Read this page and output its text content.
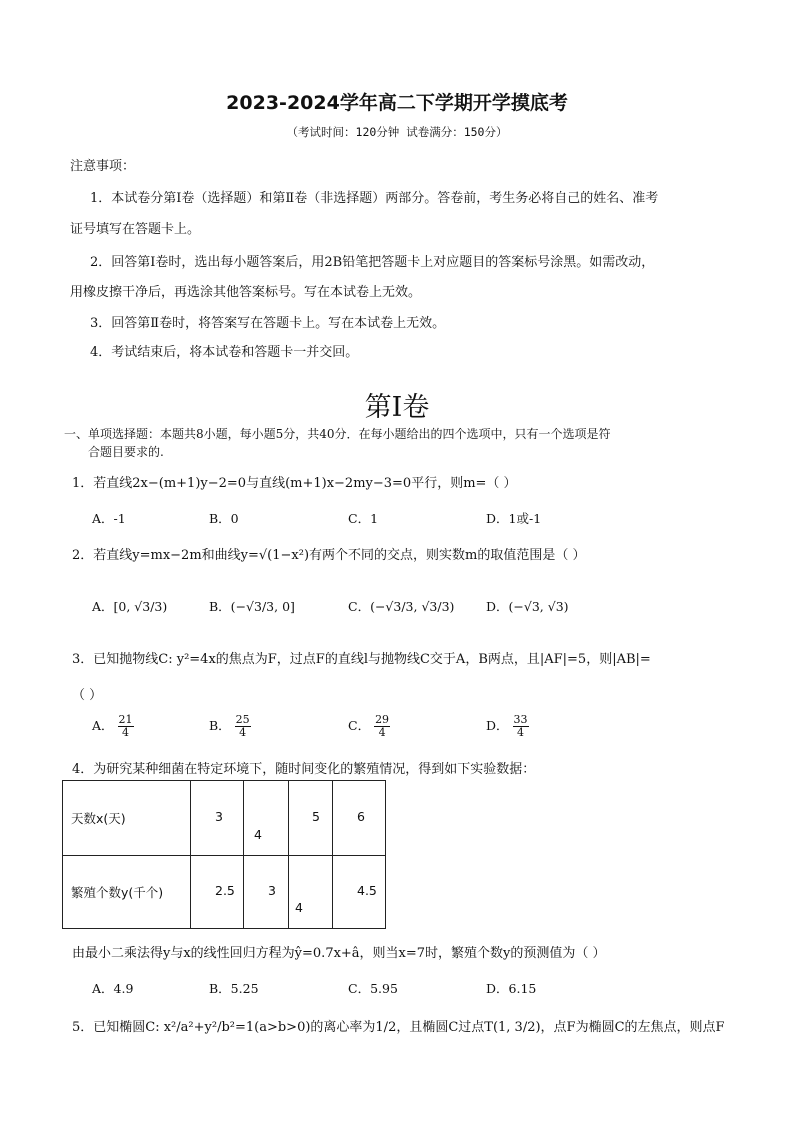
2023-2024学年高二下学期开学摸底考
（考试时间：120分钟 试卷满分：150分）
注意事项：
1．本试卷分第Ⅰ卷（选择题）和第Ⅱ卷（非选择题）两部分。答卷前，考生务必将自己的姓名、准考
证号填写在答题卡上。
2．回答第Ⅰ卷时，选出每小题答案后，用2B铅笔把答题卡上对应题目的答案标号涂黑。如需改动，
用橡皮擦干净后，再选涂其他答案标号。写在本试卷上无效。
3．回答第Ⅱ卷时，将答案写在答题卡上。写在本试卷上无效。
4．考试结束后，将本试卷和答题卡一并交回。
第Ⅰ卷
一、单项选择题：本题共8小题，每小题5分，共40分．在每小题给出的四个选项中，只有一个选项是符
合题目要求的.
1．若直线2x−(m+1)y−2=0与直线(m+1)x−2my−3=0平行，则m=（ ）
A．-1	B．0	C．1	D．1或-1
2．若直线y=mx−2m和曲线y=√(1−x²)有两个不同的交点，则实数m的取值范围是（ ）
A．[0, √3/3)	B．(−√3/3, 0]	C．(−√3/3, √3/3)	D．(−√3, √3)
3．已知抛物线C: y²=4x的焦点为F，过点F的直线l与抛物线C交于A，B两点，且|AF|=5，则|AB|=
（ ）
A． $\frac{21}{4}$	B． $\frac{25}{4}$	C． $\frac{29}{4}$	D． $\frac{33}{4}$
4．为研究某种细菌在特定环境下，随时间变化的繁殖情况，得到如下实验数据：
天数x(天)	3	4	5	6

繁殖个数y(千个)	2.5	3	4	4.5
由最小二乘法得y与x的线性回归方程为ŷ=0.7x+â，则当x=7时，繁殖个数y的预测值为（ ）
A．4.9	B．5.25	C．5.95	D．6.15
5．已知椭圆C: x²/a²+y²/b²=1(a>b>0)的离心率为1/2，且椭圆C过点T(1, 3/2)，点F为椭圆C的左焦点，则点F
